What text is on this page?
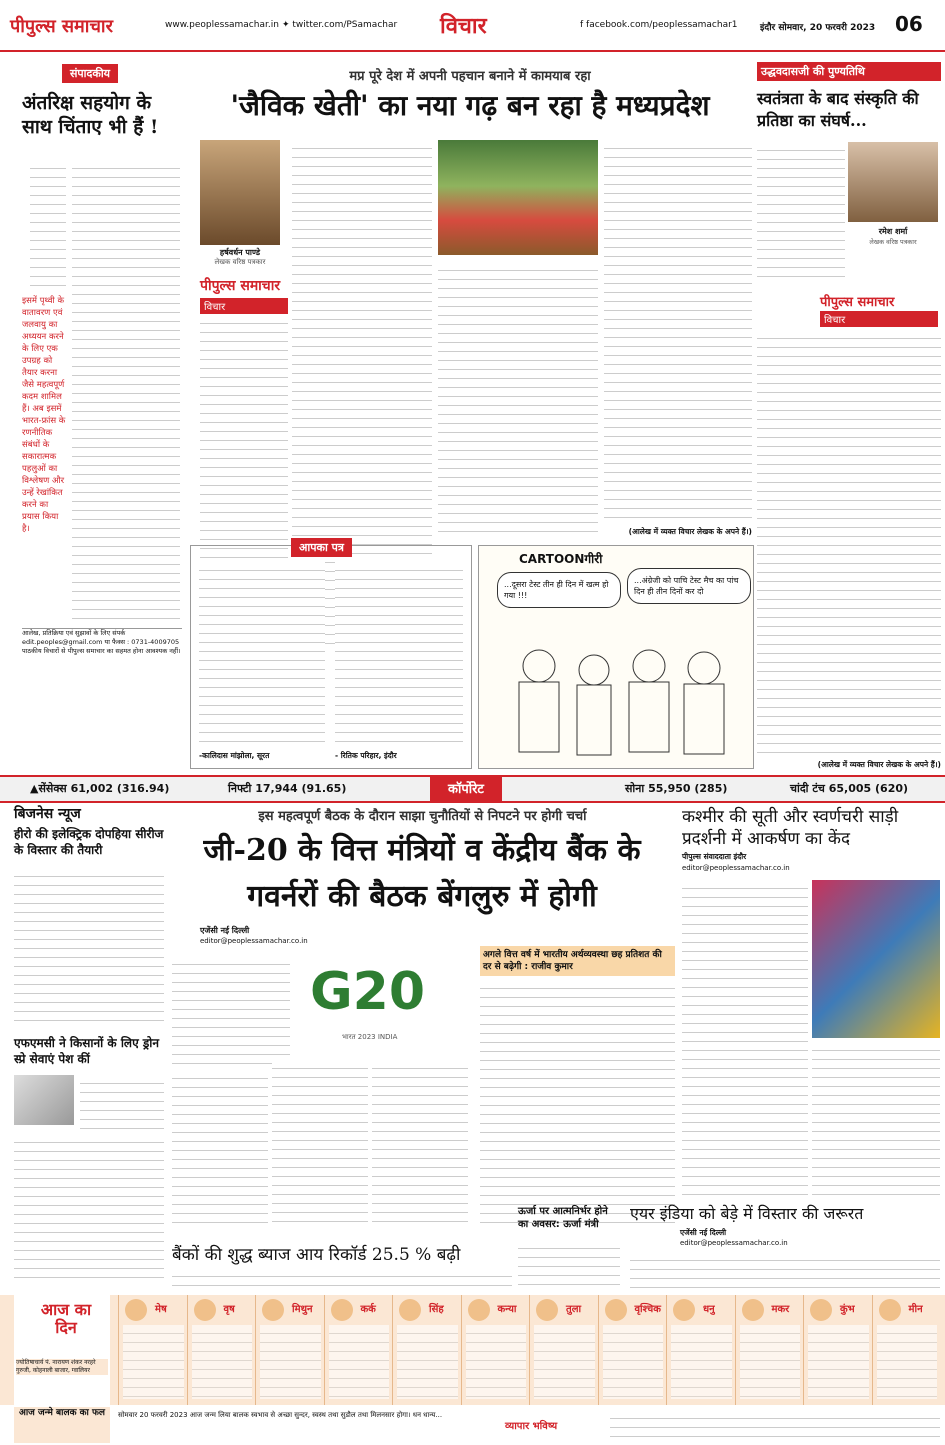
पीपुल्स समाचार	www.peoplessamachar.in ✦ twitter.com/PSamachar विचार	f facebook.com/peoplessamachar1 इंदौर सोमवार, 20 फरवरी 2023 06
संपादकीय
अंतरिक्ष सहयोग के साथ चिंताए भी हैं !
इसमें पृथ्वी के वातावरण एवं जलवायु का अध्ययन करने के लिए एक उपग्रह को तैयार करना जैसे महत्वपूर्ण कदम शामिल हैं। अब इसमें भारत-फ्रांस के रणनीतिक संबंधों के सकारात्मक पहलुओं का विश्लेषण और उन्हें रेखांकित करने का प्रयास किया है।
आलेख, प्रतिक्रिया एवं सुझावों के लिए संपर्क
edit.peoples@gmail.com या फैक्स : 0731-4009705
पाठकीय विचारों से पीपुल्स समाचार का सहमत होना आवश्यक नहीं।
मप्र पूरे देश में अपनी पहचान बनाने में कामयाब रहा
'जैविक खेती' का नया गढ़ बन रहा है मध्यप्रदेश
हर्षवर्धन पाण्डे
लेखक वरिष्ठ पत्रकार
पीपुल्स समाचार
विचार
(आलेख में व्यक्त विचार लेखक के अपने हैं।)
उद्धवदासजी की पुण्यतिथि
स्वतंत्रता के बाद संस्कृति की प्रतिष्ठा का संघर्ष...
रमेश शर्मा
लेखक वरिष्ठ पत्रकार
पीपुल्स समाचार
विचार
(आलेख में व्यक्त विचार लेखक के अपने हैं।)
आपका पत्र
-कालिदास मांझोला, सूरत	- रितिक परिहार, इंदौर
CARTOONगीरी
...दूसरा टेस्ट तीन ही दिन में खत्म हो गया !!!
...अंग्रेजी को पाचि टेस्ट मैच का पांच दिन ही तीन दिनों कर दो
▲सेंसेक्स 61,002 (316.94)	निफ्टी 17,944 (91.65)	कॉर्पोरेट	सोना 55,950 (285)	चांदी टंच 65,005 (620)
बिजनेस न्यूज
हीरो की इलेक्ट्रिक दोपहिया सीरीज के विस्तार की तैयारी
एफएमसी ने किसानों के लिए ड्रोन स्प्रे सेवाएं पेश कीं
इस महत्वपूर्ण बैठक के दौरान साझा चुनौतियों से निपटने पर होगी चर्चा
जी-20 के वित्त मंत्रियों व केंद्रीय बैंक के गवर्नरों की बैठक बेंगलुरु में होगी
एजेंसी नई दिल्ली
editor@peoplessamachar.co.in
G20
भारत 2023 INDIA
अगले वित्त वर्ष में भारतीय अर्थव्यवस्था छह प्रतिशत की दर से बढ़ेगी : राजीव कुमार
कश्मीर की सूती और स्वर्णचरी साड़ी प्रदर्शनी में आकर्षण का केंद
पीपुल्स संवाददाता इंदौर
editor@peoplessamachar.co.in
बैंकों की शुद्ध ब्याज आय रिकॉर्ड 25.5 % बढ़ी
ऊर्जा पर आत्मनिर्भर होने का अवसर: ऊर्जा मंत्री
एयर इंडिया को बेड़े में विस्तार की जरूरत
एजेंसी नई दिल्ली
editor@peoplessamachar.co.in
आज का दिन
ज्योतिषाचार्य पं. नारायण शंकर नरहरे गुरुजी, कोहनाली बाजार, ग्वालियर
मेष	वृष	मिथुन	कर्क	सिंह	कन्या	तुला	वृश्चिक	धनु	मकर	कुंभ	मीन
आज जन्मे बालक का फल	सोमवार 20 फरवरी 2023 आज जन्म लिया बालक स्वभाव से अच्छा सुन्दर, स्वस्थ तथा सुडौल तथा मिलनसार होगा। धन धान्य...
व्यापार भविष्य
